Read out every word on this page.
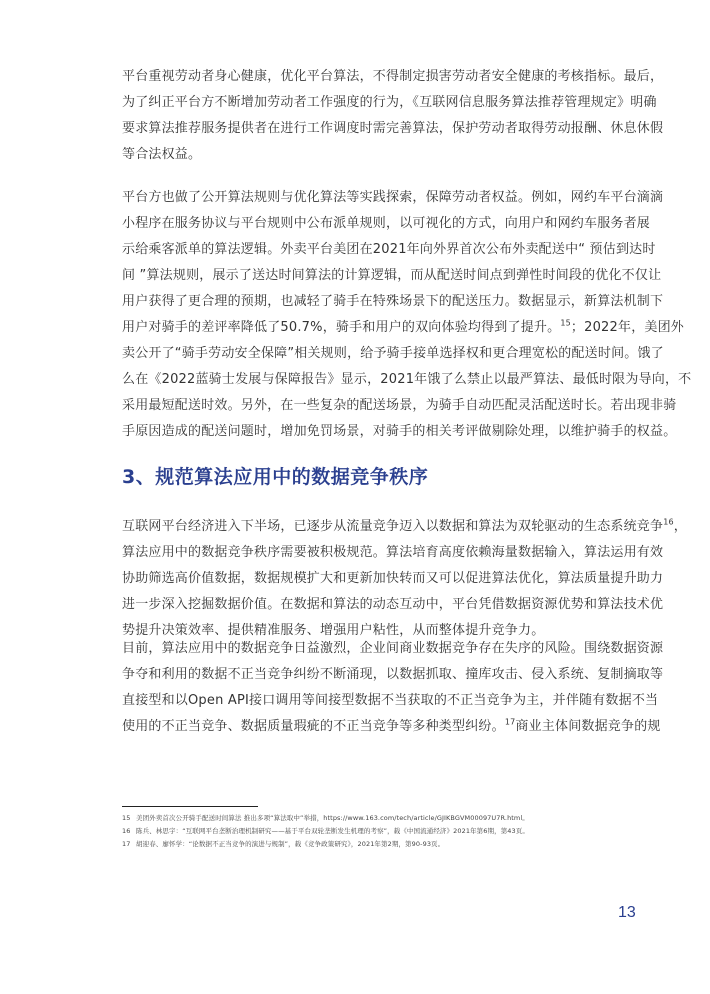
平台重视劳动者身心健康，优化平台算法，不得制定损害劳动者安全健康的考核指标。最后，
为了纠正平台方不断增加劳动者工作强度的行为，《互联网信息服务算法推荐管理规定》明确
要求算法推荐服务提供者在进行工作调度时需完善算法，保护劳动者取得劳动报酬、休息休假
等合法权益。

平台方也做了公开算法规则与优化算法等实践探索，保障劳动者权益。例如，网约车平台滴滴
小程序在服务协议与平台规则中公布派单规则，以可视化的方式，向用户和网约车服务者展
示给乘客派单的算法逻辑。外卖平台美团在2021年向外界首次公布外卖配送中“ 预估到达时
间 ”算法规则，展示了送达时间算法的计算逻辑，而从配送时间点到弹性时间段的优化不仅让
用户获得了更合理的预期，也减轻了骑手在特殊场景下的配送压力。数据显示，新算法机制下
用户对骑手的差评率降低了50.7%，骑手和用户的双向体验均得到了提升。$^{15}$；2022年，美团外
卖公开了“骑手劳动安全保障”相关规则，给予骑手接单选择权和更合理宽松的配送时间。饿了
么在《2022蓝骑士发展与保障报告》显示，2021年饿了么禁止以最严算法、最低时限为导向，不
采用最短配送时效。另外，在一些复杂的配送场景，为骑手自动匹配灵活配送时长。若出现非骑
手原因造成的配送问题时，增加免罚场景，对骑手的相关考评做剔除处理，以维护骑手的权益。

3、规范算法应用中的数据竞争秩序

互联网平台经济进入下半场，已逐步从流量竞争迈入以数据和算法为双轮驱动的生态系统竞争$^{16}$，
算法应用中的数据竞争秩序需要被积极规范。算法培育高度依赖海量数据输入，算法运用有效
协助筛选高价值数据，数据规模扩大和更新加快转而又可以促进算法优化，算法质量提升助力
进一步深入挖掘数据价值。在数据和算法的动态互动中，平台凭借数据资源优势和算法技术优
势提升决策效率、提供精准服务、增强用户粘性，从而整体提升竞争力。

目前，算法应用中的数据竞争日益激烈，企业间商业数据竞争存在失序的风险。围绕数据资源
争夺和利用的数据不正当竞争纠纷不断涌现，以数据抓取、撞库攻击、侵入系统、复制摘取等
直接型和以Open API接口调用等间接型数据不当获取的不正当竞争为主，并伴随有数据不当
使用的不正当竞争、数据质量瑕疵的不正当竞争等多种类型纠纷。$^{17}$商业主体间数据竞争的规

15 美团外卖首次公开骑手配送时间算法 推出多项“算法取中”举措，https://www.163.com/tech/article/GJIKBGVM00097U7R.html。
16 陈兵、林思宇：“互联网平台垄断治理机制研究——基于平台双轮垄断发生机理的考察”，载《中国流通经济》2021年第6期，第43页。
17 胡迎春、廖怀学：“论数据不正当竞争的演进与规制”，载《竞争政策研究》，2021年第2期，第90-93页。
13
